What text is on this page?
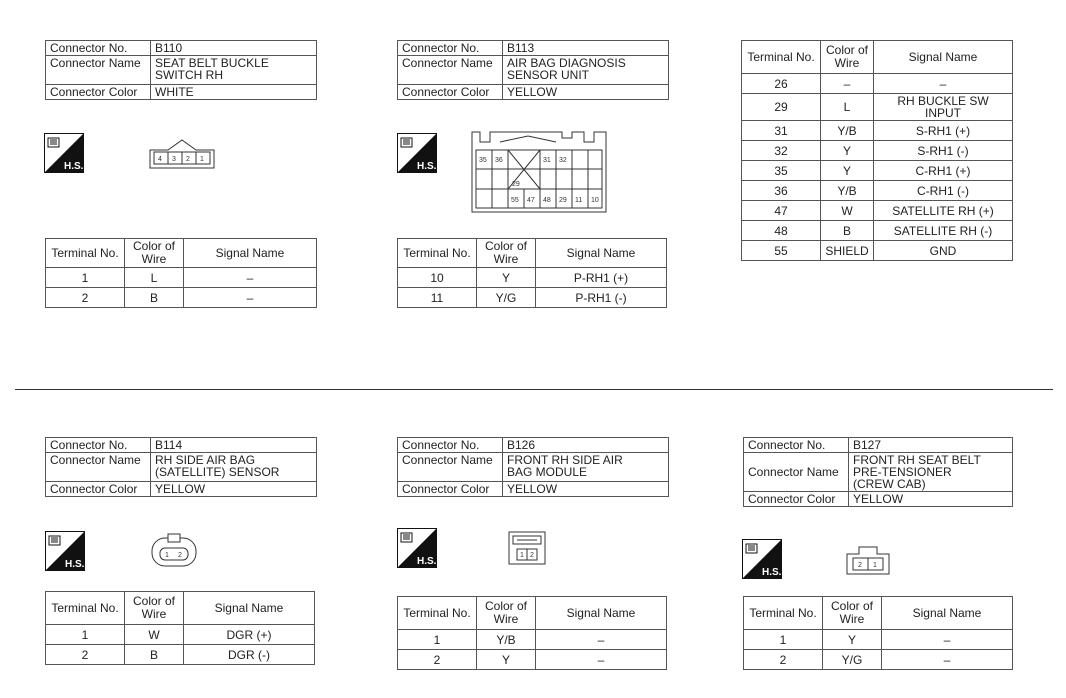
Connector No.	B110
Connector Name	SEAT BELT BUCKLE
SWITCH RH

Connector Color	WHITE
H.S.
4 3 2 1
Terminal No.	Color of
Wire	Signal Name
1	L	–
2	B	–
Connector No.	B113
Connector Name	AIR BAG DIAGNOSIS
SENSOR UNIT

Connector Color	YELLOW
H.S.
35 36	31 32
29
55 47 48 29 11 10
Terminal No.	Color of
Wire	Signal Name
10	Y	P-RH1 (+)
11	Y/G	P-RH1 (-)
Terminal No.	Color of
Wire	Signal Name
26	–	–
29	L	RH BUCKLE SW INPUT
31	Y/B	S-RH1 (+)
32	Y	S-RH1 (-)
35	Y	C-RH1 (+)
36	Y/B	C-RH1 (-)
47	W	SATELLITE RH (+)
48	B	SATELLITE RH (-)
55	SHIELD	GND
Connector No.	B114
Connector Name	RH SIDE AIR BAG
(SATELLITE) SENSOR

Connector Color	YELLOW
H.S.
1 2
Terminal No.	Color of
Wire	Signal Name
1	W	DGR (+)
2	B	DGR (-)
Connector No.	B126
Connector Name	FRONT RH SIDE AIR
BAG MODULE

Connector Color	YELLOW
H.S.
1 2
Terminal No.	Color of
Wire	Signal Name
1	Y/B	–
2	Y	–
Connector No.	B127
Connector Name	FRONT RH SEAT BELT
PRE-TENSIONER
(CREW CAB)

Connector Color	YELLOW
H.S.
2 1
Terminal No.	Color of
Wire	Signal Name
1	Y	–
2	Y/G	–
